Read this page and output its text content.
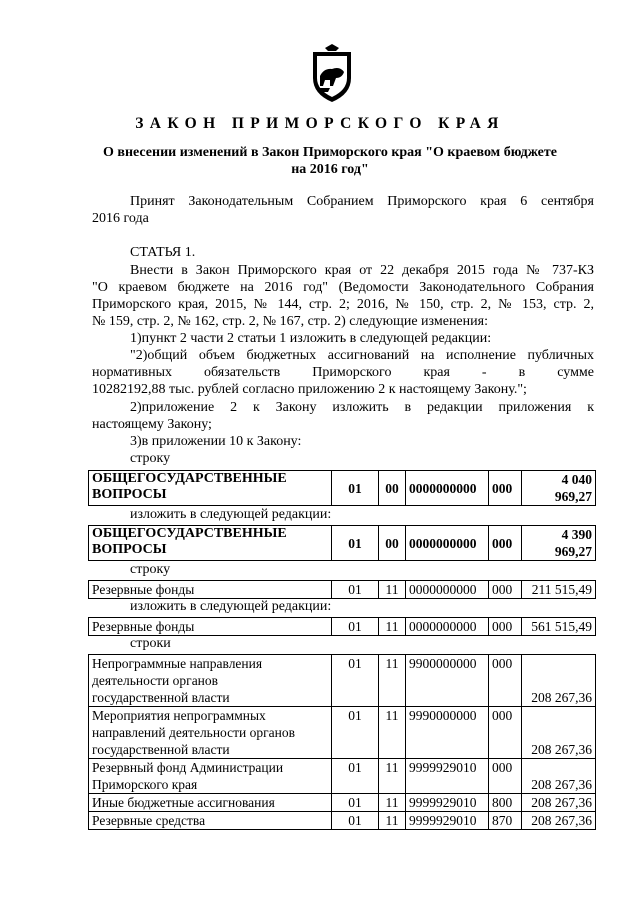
ЗАКОН ПРИМОРСКОГО КРАЯ
О внесении изменений в Закон Приморского края "О краевом бюджете на 2016 год"
Принят Законодательным Собранием Приморского края 6 сентября
2016 года
СТАТЬЯ 1.
Внести в Закон Приморского края от 22 декабря 2015 года № 737-КЗ
"О краевом бюджете на 2016 год" (Ведомости Законодательного Собрания
Приморского края, 2015, № 144, стр. 2; 2016, № 150, стр. 2, № 153, стр. 2,
№ 159, стр. 2, № 162, стр. 2, № 167, стр. 2) следующие изменения:
1)пункт 2 части 2 статьи 1 изложить в следующей редакции:
"2)общий объем бюджетных ассигнований на исполнение публичных
нормативных обязательств Приморского края - в сумме
10282192,88 тыс. рублей согласно приложению 2 к настоящему Закону.";
2)приложение 2 к Закону изложить в редакции приложения к
настоящему Закону;
3)в приложении 10 к Закону:
строку
ОБЩЕГОСУДАРСТВЕННЫЕ
ВОПРОСЫ	01	00	0000000000	000	4 040 969,27
изложить в следующей редакции:
ОБЩЕГОСУДАРСТВЕННЫЕ
ВОПРОСЫ	01	00	0000000000	000	4 390 969,27
строку
Резервные фонды	01	11	0000000000	000	211 515,49
изложить в следующей редакции:
Резервные фонды	01	11	0000000000	000	561 515,49
строки
Непрограммные направления
деятельности органов
государственной власти	01	11	9900000000	000	208 267,36
Мероприятия непрограммных
направлений деятельности органов
государственной власти	01	11	9990000000	000	208 267,36
Резервный фонд Администрации
Приморского края	01	11	9999929010	000	208 267,36
Иные бюджетные ассигнования	01	11	9999929010	800	208 267,36
Резервные средства	01	11	9999929010	870	208 267,36
